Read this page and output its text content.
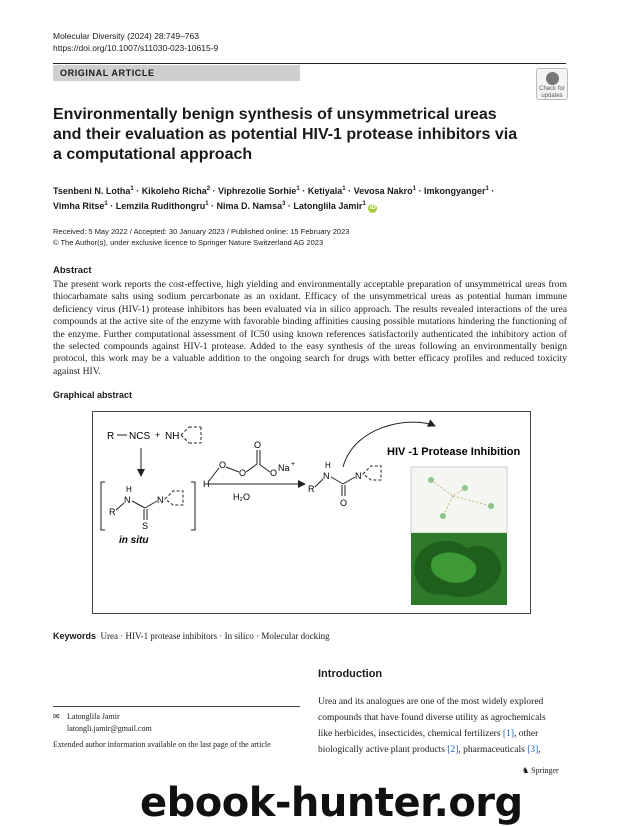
Molecular Diversity (2024) 28:749–763
https://doi.org/10.1007/s11030-023-10615-9
ORIGINAL ARTICLE
Check for updates
Environmentally benign synthesis of unsymmetrical ureas and their evaluation as potential HIV-1 protease inhibitors via a computational approach
Tsenbeni N. Lotha$^1$ · Kikoleho Richa$^2$ · Viphrezolie Sorhie$^1$ · Ketiyala$^1$ · Vevosa Nakro$^1$ · Imkongyanger$^1$ ·
Vimha Ritse$^1$ · Lemzila Rudithongru$^1$ · Nima D. Namsa$^3$ · Latonglila Jamir$^1$ iD
Received: 5 May 2022 / Accepted: 30 January 2023 / Published online: 15 February 2023
© The Author(s), under exclusive licence to Springer Nature Switzerland AG 2023
Abstract
The present work reports the cost-effective, high yielding and environmentally acceptable preparation of unsymmetrical ureas from thiocarbamate salts using sodium percarbonate as an oxidant. Efficacy of the unsymmetrical ureas as potential human immune deficiency virus (HIV-1) protease inhibitors has been evaluated via in silico approach. The results revealed interactions of the urea compounds at the active site of the enzyme with favorable binding affinities causing possible mutations hindering the functioning of the enzyme. Further computational assessment of IC50 using known references satisfactorily authenticated the inhibitory action of the selected compounds against HIV-1 protease. Added to the easy synthesis of the ureas following an environmentally benign protocol, this work may be a valuable addition to the ongoing search for drugs with better efficacy profiles and reduced toxicity against HIV.
Graphical abstract
R NCS + NH
H
N
R
N
S
in situ
H
O
O
O
O Na +
H₂O
H
N
R
N
O
HIV -1 Protease Inhibition
Keywords Urea · HIV-1 protease inhibitors · In silico · Molecular docking
Introduction
Urea and its analogues are one of the most widely explored
compounds that have found diverse utility as agrochemicals
like herbicides, insecticides, chemical fertilizers [1], other
biologically active plant products [2], pharmaceuticals [3],
✉ Latonglila Jamir
latongli.jamir@gmail.com
Extended author information available on the last page of the article
♞ Springer
ebook-hunter.org
